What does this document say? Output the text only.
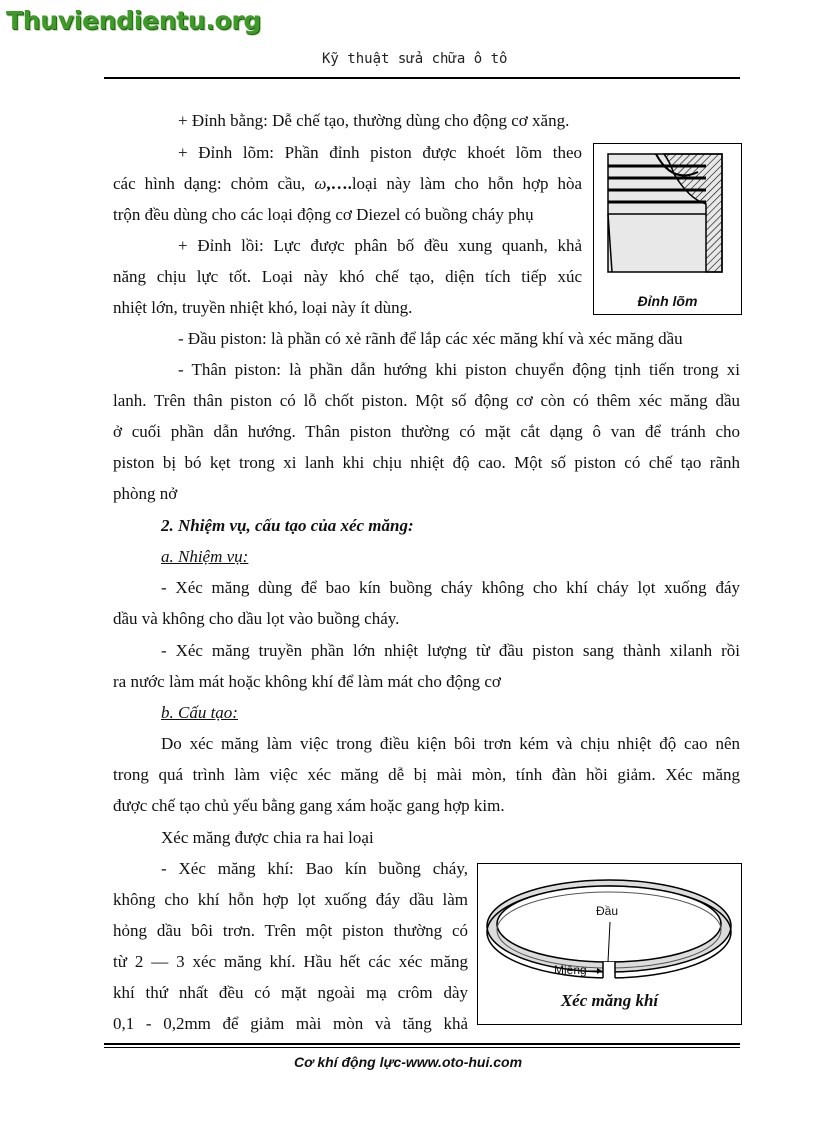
Thuviendientu.org
Kỹ thuật sửa chữa ô tô
+ Đỉnh bằng: Dễ chế tạo, thường dùng cho động cơ xăng.
+ Đỉnh lõm: Phần đỉnh piston được khoét lõm theo
các hình dạng: chỏm cầu, ω,….loại này làm cho hỗn hợp hòa
trộn đều dùng cho các loại động cơ Diezel có buồng cháy phụ
+ Đỉnh lồi: Lực được phân bố đều xung quanh, khả
năng chịu lực tốt. Loại này khó chế tạo, diện tích tiếp xúc
nhiệt lớn, truyền nhiệt khó, loại này ít dùng.
- Đầu piston: là phần có xẻ rãnh để lắp các xéc măng khí và xéc măng dầu
- Thân piston: là phần dẫn hướng khi piston chuyển động tịnh tiến trong xi
lanh. Trên thân piston có lỗ chốt piston. Một số động cơ còn có thêm xéc măng dầu
ở cuối phần dẫn hướng. Thân piston thường có mặt cắt dạng ô van để tránh cho
piston bị bó kẹt trong xi lanh khi chịu nhiệt độ cao. Một số piston có chế tạo rãnh
phòng nở
2. Nhiệm vụ, cấu tạo của xéc măng:
a. Nhiệm vụ:
- Xéc măng dùng để bao kín buồng cháy không cho khí cháy lọt xuống đáy
dầu và không cho dầu lọt vào buồng cháy.
- Xéc măng truyền phần lớn nhiệt lượng từ đầu piston sang thành xilanh rồi
ra nước làm mát hoặc không khí để làm mát cho động cơ
b. Cấu tạo:
Do xéc măng làm việc trong điều kiện bôi trơn kém và chịu nhiệt độ cao nên
trong quá trình làm việc xéc măng dễ bị mài mòn, tính đàn hồi giảm. Xéc măng
được chế tạo chủ yếu bằng gang xám hoặc gang hợp kim.
Xéc măng được chia ra hai loại
- Xéc măng khí: Bao kín buồng cháy,
không cho khí hỗn hợp lọt xuống đáy dầu làm
hỏng dầu bôi trơn. Trên một piston thường có
từ 2 — 3 xéc măng khí. Hầu hết các xéc măng
khí thứ nhất đều có mặt ngoài mạ crôm dày
0,1 - 0,2mm để giảm mài mòn và tăng khả
Đỉnh lõm
Đầu
Miệng
Xéc măng khí
Cơ khí động lực-www.oto-hui.com
